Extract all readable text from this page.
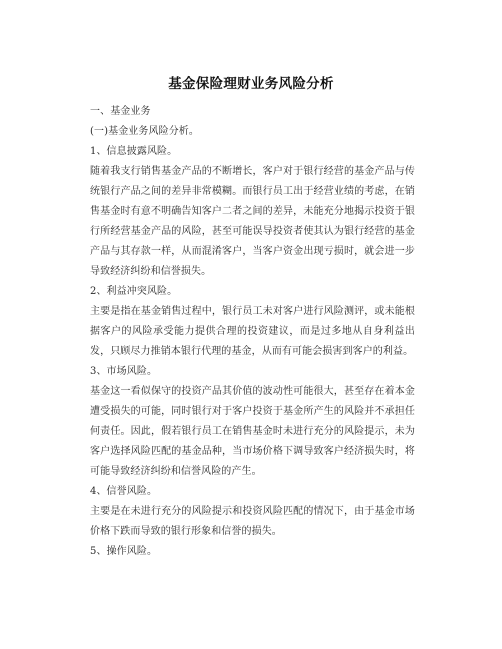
基金保险理财业务风险分析

一、基金业务

(一)基金业务风险分析。

1、信息披露风险。

随着我支行销售基金产品的不断增长，客户对于银行经营的基金产品与传统银行产品之间的差异非常模糊。而银行员工出于经营业绩的考虑，在销售基金时有意不明确告知客户二者之间的差异，未能充分地揭示投资于银行所经营基金产品的风险，甚至可能误导投资者使其认为银行经营的基金产品与其存款一样，从而混淆客户，当客户资金出现亏损时，就会进一步导致经济纠纷和信誉损失。

2、利益冲突风险。

主要是指在基金销售过程中，银行员工未对客户进行风险测评，或未能根据客户的风险承受能力提供合理的投资建议，而是过多地从自身利益出发，只顾尽力推销本银行代理的基金，从而有可能会损害到客户的利益。

3、市场风险。

基金这一看似保守的投资产品其价值的波动性可能很大，甚至存在着本金遭受损失的可能，同时银行对于客户投资于基金所产生的风险并不承担任何责任。因此，假若银行员工在销售基金时未进行充分的风险提示，未为客户选择风险匹配的基金品种，当市场价格下调导致客户经济损失时，将可能导致经济纠纷和信誉风险的产生。

4、信誉风险。

主要是在未进行充分的风险提示和投资风险匹配的情况下，由于基金市场价格下跌而导致的银行形象和信誉的损失。

5、操作风险。
